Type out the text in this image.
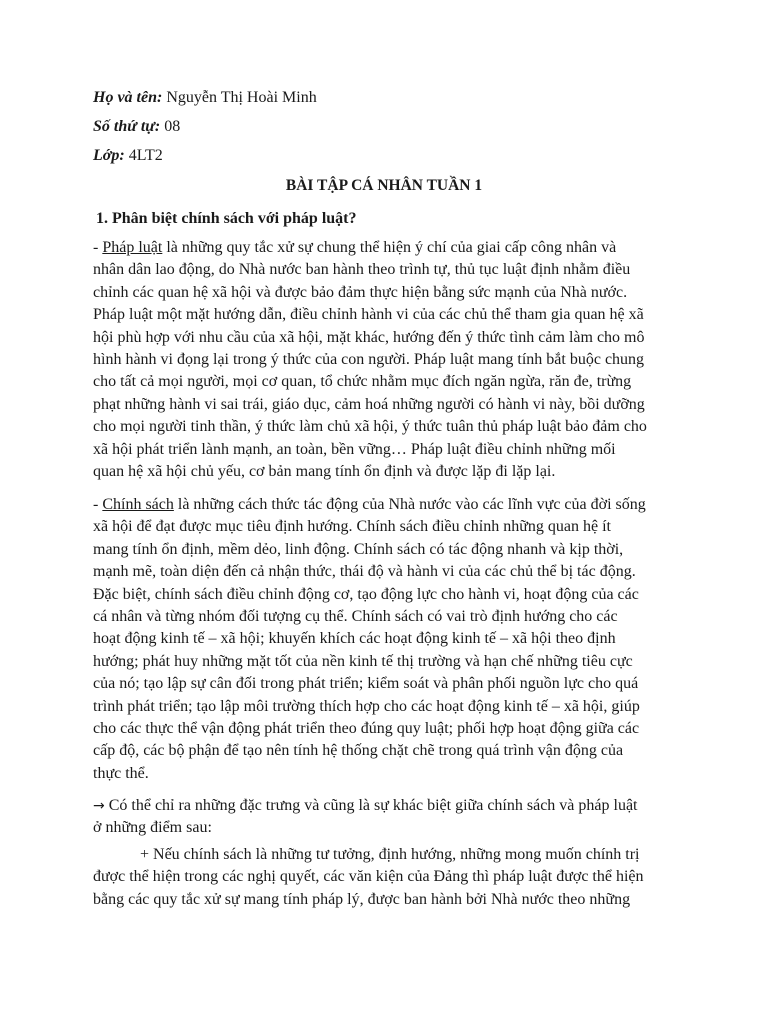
Họ và tên: Nguyễn Thị Hoài Minh
Số thứ tự: 08
Lớp: 4LT2
BÀI TẬP CÁ NHÂN TUẦN 1
1. Phân biệt chính sách với pháp luật?
- Pháp luật là những quy tắc xử sự chung thể hiện ý chí của giai cấp công nhân và
nhân dân lao động, do Nhà nước ban hành theo trình tự, thủ tục luật định nhằm điều
chỉnh các quan hệ xã hội và được bảo đảm thực hiện bằng sức mạnh của Nhà nước.
Pháp luật một mặt hướng dẫn, điều chỉnh hành vi của các chủ thể tham gia quan hệ xã
hội phù hợp với nhu cầu của xã hội, mặt khác, hướng đến ý thức tình cảm làm cho mô
hình hành vi đọng lại trong ý thức của con người. Pháp luật mang tính bắt buộc chung
cho tất cả mọi người, mọi cơ quan, tổ chức nhằm mục đích ngăn ngừa, răn đe, trừng
phạt những hành vi sai trái, giáo dục, cảm hoá những người có hành vi này, bồi dưỡng
cho mọi người tinh thần, ý thức làm chủ xã hội, ý thức tuân thủ pháp luật bảo đảm cho
xã hội phát triển lành mạnh, an toàn, bền vững… Pháp luật điều chỉnh những mối
quan hệ xã hội chủ yếu, cơ bản mang tính ổn định và được lặp đi lặp lại.
- Chính sách là những cách thức tác động của Nhà nước vào các lĩnh vực của đời sống
xã hội để đạt được mục tiêu định hướng. Chính sách điều chỉnh những quan hệ ít
mang tính ổn định, mềm dẻo, linh động. Chính sách có tác động nhanh và kịp thời,
mạnh mẽ, toàn diện đến cả nhận thức, thái độ và hành vi của các chủ thể bị tác động.
Đặc biệt, chính sách điều chỉnh động cơ, tạo động lực cho hành vi, hoạt động của các
cá nhân và từng nhóm đối tượng cụ thể. Chính sách có vai trò định hướng cho các
hoạt động kinh tế – xã hội; khuyến khích các hoạt động kinh tế – xã hội theo định
hướng; phát huy những mặt tốt của nền kinh tế thị trường và hạn chế những tiêu cực
của nó; tạo lập sự cân đối trong phát triển; kiểm soát và phân phối nguồn lực cho quá
trình phát triển; tạo lập môi trường thích hợp cho các hoạt động kinh tế – xã hội, giúp
cho các thực thể vận động phát triển theo đúng quy luật; phối hợp hoạt động giữa các
cấp độ, các bộ phận để tạo nên tính hệ thống chặt chẽ trong quá trình vận động của
thực thể.
→ Có thể chỉ ra những đặc trưng và cũng là sự khác biệt giữa chính sách và pháp luật
ở những điểm sau:
+ Nếu chính sách là những tư tưởng, định hướng, những mong muốn chính trị
được thể hiện trong các nghị quyết, các văn kiện của Đảng thì pháp luật được thể hiện
bằng các quy tắc xử sự mang tính pháp lý, được ban hành bởi Nhà nước theo những
